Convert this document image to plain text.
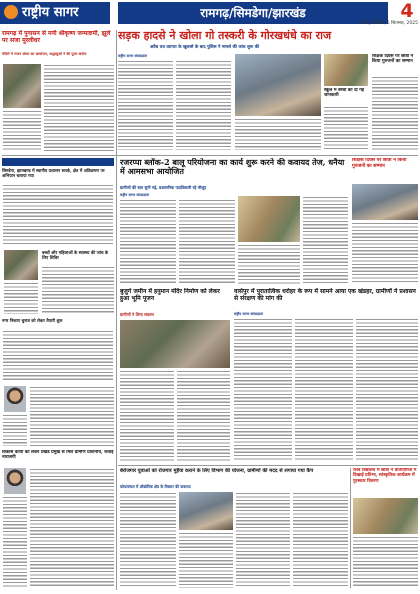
राष्ट्रीय सागर	रामगढ़/सिमडेगा/झारखंड	4
राँची | शनिवार, 6 सितम्बर, 2025
रामगढ़ में पुनासन से मनी श्रीकृष्ण जन्माष्टमी, झूले पर सजा मुरलीधर
मंदिरों में भजन संध्या का आयोजन, श्रद्धालुओं ने की पूजा-अर्चना
सड़क हादसे ने खोला गो तस्करी के गोरखधंधे का राज
अवैध वध व्यापार के खुलासे के बाद पुलिस ने मामले की जांच शुरू की
राष्ट्रीय सागर संवाददाता
स्कूल में बच्चों को दी गई जानकारी
शिक्षक दिवस पर छात्रों ने किया गुरुजनों का सम्मान
सिमडेगा, झारखण्ड में स्थानीय प्रशासन सतर्क, क्षेत्र में अतिक्रमण पर अभियान चलाया गया
बच्चों और महिलाओं के स्वास्थ्य की जांच के लिए शिविर
नगर निकाय चुनाव को लेकर तैयारी शुरू
विकास कार्यों को लेकर प्रखंड प्रमुख से मिले ग्रामीण प्रतिनिधि, जताई नाराजगी
रजरप्पा ब्लॉक-2 बालू परियोजना का कार्य शुरू करने की कवायद तेज, धनैया में आमसभा आयोजित
ग्रामीणों की बात सुनी गई, प्रशासनिक पदाधिकारी रहे मौजूद
राष्ट्रीय सागर संवाददाता
शिक्षक दिवस पर छात्रों ने किया गुरुजनों का सम्मान
बुजुर्ग जमीन में हनुमान मंदिर निर्माण को लेकर हुआ भूमि पूजन
ग्रामीणों ने लिया संकल्प
वासेपुर में पुरातात्विक धरोहर के रूप में सामने आया एक खंडहर, ग्रामीणों ने प्रशासन से संरक्षण की मांग की
राष्ट्रीय सागर संवाददाता
बेरोजगार युवाओं को रोजगार मुहैया कराने के लिए विभाग की योजना, ग्रामीणों की मदद से लगाया गया कैंप
कोयलांचल में औद्योगिक क्षेत्र के विस्तार की कवायद
रेलवे विद्यालय में छात्रों ने प्रतियोगिता में दिखाई प्रतिभा, सांस्कृतिक कार्यक्रम में पुरस्कार वितरण
